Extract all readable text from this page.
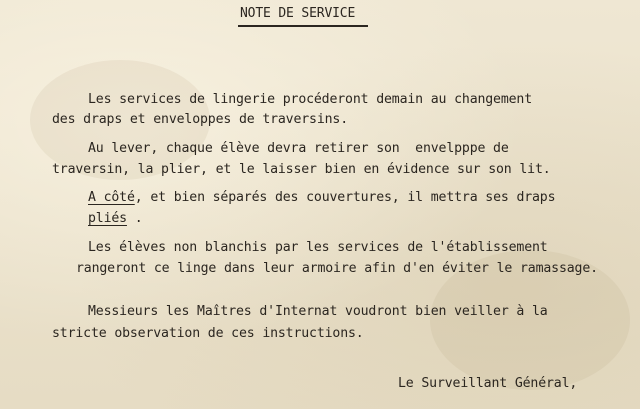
NOTE DE SERVICE
Les services de lingerie procéderont demain au changement
des draps et enveloppes de traversins.
Au lever, chaque élève devra retirer son  envelpppe de
traversin, la plier, et le laisser bien en évidence sur son lit.
A côté, et bien séparés des couvertures, il mettra ses draps
pliés .
Les élèves non blanchis par les services de l'établissement
rangeront ce linge dans leur armoire afin d'en éviter le ramassage.
Messieurs les Maîtres d'Internat voudront bien veiller à la
stricte observation de ces instructions.
Le Surveillant Général,
